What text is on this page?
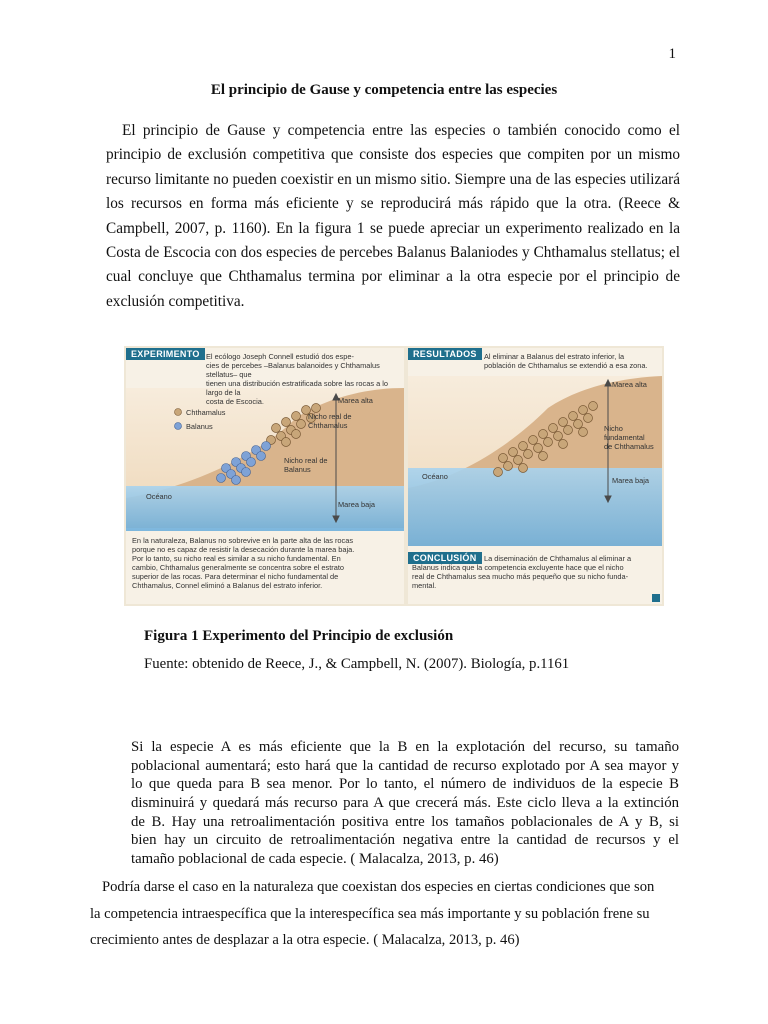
1
El principio de Gause y competencia entre las especies
El principio de Gause y competencia entre las especies o también conocido como el
principio de exclusión competitiva que consiste dos especies que compiten por un mismo
recurso limitante no pueden coexistir en un mismo sitio. Siempre una de las especies utilizará
los recursos en forma más eficiente y se reproducirá más rápido que la otra. (Reece &
Campbell, 2007, p. 1160). En la figura 1 se puede apreciar un experimento realizado en la
Costa de Escocia con dos especies de percebes Balanus Balaniodes y Chthamalus stellatus; el
cual concluye que Chthamalus termina por eliminar a la otra especie por el principio de
exclusión competitiva.
EXPERIMENTO El ecólogo Joseph Connell estudió dos espe-
cies de percebes –Balanus balanoides y Chthamalus stellatus– que
tienen una distribución estratificada sobre las rocas a lo largo de la
costa de Escocia.
Chthamalus
Balanus
Marea alta
Nicho real de
Chthamalus
Nicho real de
Balanus
Océano
Marea baja
En la naturaleza, Balanus no sobrevive en la parte alta de las rocas
porque no es capaz de resistir la desecación durante la marea baja.
Por lo tanto, su nicho real es similar a su nicho fundamental. En
cambio, Chthamalus generalmente se concentra sobre el estrato
superior de las rocas. Para determinar el nicho fundamental de
Chthamalus, Connel eliminó a Balanus del estrato inferior.
RESULTADOS Al eliminar a Balanus del estrato inferior, la
población de Chthamalus se extendió a esa zona.
Marea alta
Nicho fundamental
de Chthamalus
Océano	Marea baja
CONCLUSIÓN	La diseminación de Chthamalus al eliminar a
Balanus indica que la competencia excluyente hace que el nicho
real de Chthamalus sea mucho más pequeño que su nicho funda-
mental.
Figura 1 Experimento del Principio de exclusión
Fuente: obtenido de Reece, J., & Campbell, N. (2007). Biología, p.1161
Si la especie A es más eficiente que la B en la explotación del recurso, su tamaño
poblacional aumentará; esto hará que la cantidad de recurso explotado por A sea mayor y
lo que queda para B sea menor. Por lo tanto, el número de individuos de la especie B
disminuirá y quedará más recurso para A que crecerá más. Este ciclo lleva a la extinción
de B. Hay una retroalimentación positiva entre los tamaños poblacionales de A y B, si
bien hay un circuito de retroalimentación negativa entre la cantidad de recursos y el
tamaño poblacional de cada especie. ( Malacalza, 2013, p. 46)
Podría darse el caso en la naturaleza que coexistan dos especies en ciertas condiciones que son
la competencia intraespecífica que la interespecífica sea más importante y su población frene su
crecimiento antes de desplazar a la otra especie. ( Malacalza, 2013, p. 46)
